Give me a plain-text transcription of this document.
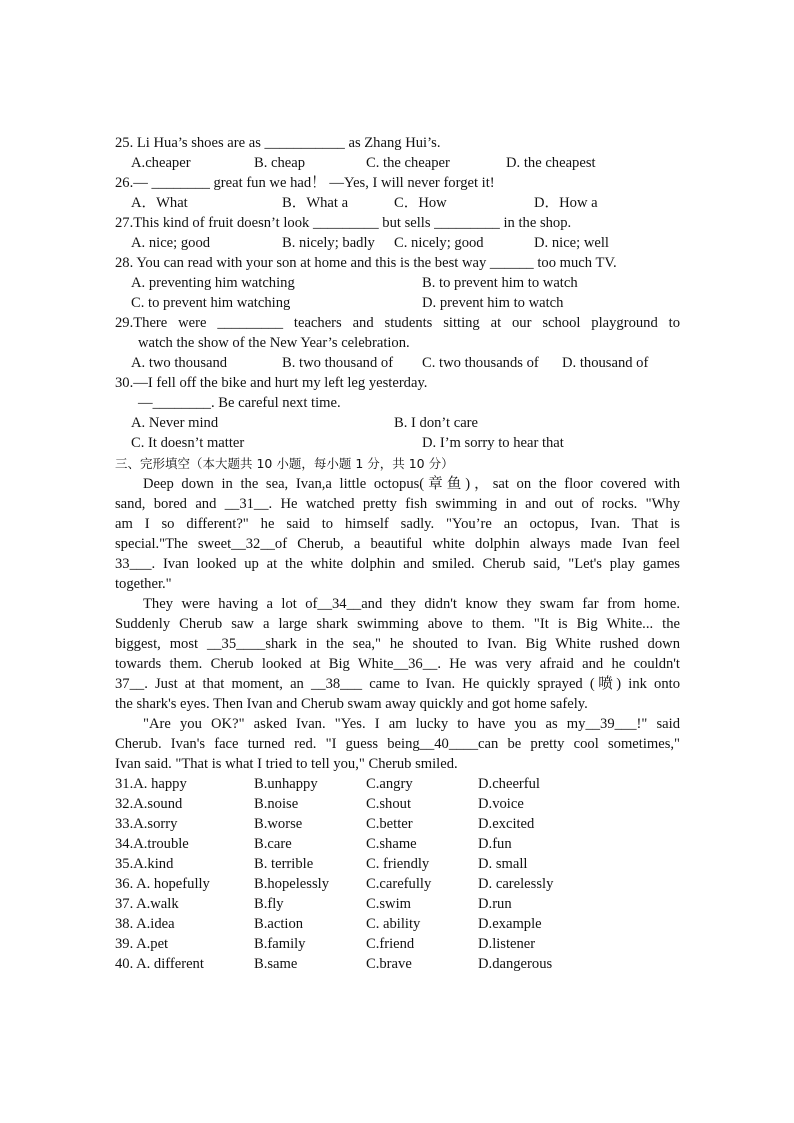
25. Li Hua’s shoes are as ___________ as Zhang Hui’s.
A.cheaper	B. cheap	C. the cheaper	D. the cheapest
26.— ________ great fun we had！ —Yes, I will never forget it!
A．What	B．What a	C．How	D．How a
27.This kind of fruit doesn’t look _________ but sells _________ in the shop.
A. nice; good	B. nicely; badly C. nicely; good	D. nice; well
28. You can read with your son at home and this is the best way ______ too much TV.
A. preventing him watching	B. to prevent him to watch
C. to prevent him watching	D. prevent him to watch
29.There were _________ teachers and students sitting at our school playground to
watch the show of the New Year’s celebration.
A. two thousand	B. two thousand of C. two thousands of D. thousand of
30.—I fell off the bike and hurt my left leg yesterday.
—________. Be careful next time.
A. Never mind	B. I don’t care
C. It doesn’t matter	D. I’m sorry to hear that
三、完形填空（本大题共 10 小题，每小题 1 分，共 10 分）
Deep down in the sea, Ivan,a little octopus(章鱼)，sat on the floor covered with
sand, bored and __31__. He watched pretty fish swimming in and out of rocks. "Why
am I so different?" he said to himself sadly. "You’re an octopus, Ivan. That is
special."The sweet__32__of Cherub, a beautiful white dolphin always made Ivan feel
33___. Ivan looked up at the white dolphin and smiled. Cherub said, "Let's play games
together."
They were having a lot of__34__and they didn't know they swam far from home.
Suddenly Cherub saw a large shark swimming above to them. "It is Big White... the
biggest, most __35____shark in the sea," he shouted to Ivan. Big White rushed down
towards them. Cherub looked at Big White__36__. He was very afraid and he couldn't
37__. Just at that moment, an __38___ came to Ivan. He quickly sprayed (喷) ink onto
the shark's eyes. Then Ivan and Cherub swam away quickly and got home safely.
"Are you OK?" asked Ivan. "Yes. I am lucky to have you as my__39___!" said
Cherub. Ivan's face turned red. "I guess being__40____can be pretty cool sometimes,"
Ivan said. "That is what I tried to tell you," Cherub smiled.
31.A. happy	B.unhappy	C.angry	D.cheerful
32.A.sound	B.noise	C.shout	D.voice
33.A.sorry	B.worse	C.better	D.excited
34.A.trouble	B.care	C.shame	D.fun
35.A.kind	B. terrible	C. friendly	D. small
36. A. hopefully	B.hopelessly	C.carefully	D. carelessly
37. A.walk	B.fly	C.swim	D.run
38. A.idea	B.action	C. ability	D.example
39. A.pet	B.family	C.friend	D.listener
40. A. different	B.same	C.brave	D.dangerous
